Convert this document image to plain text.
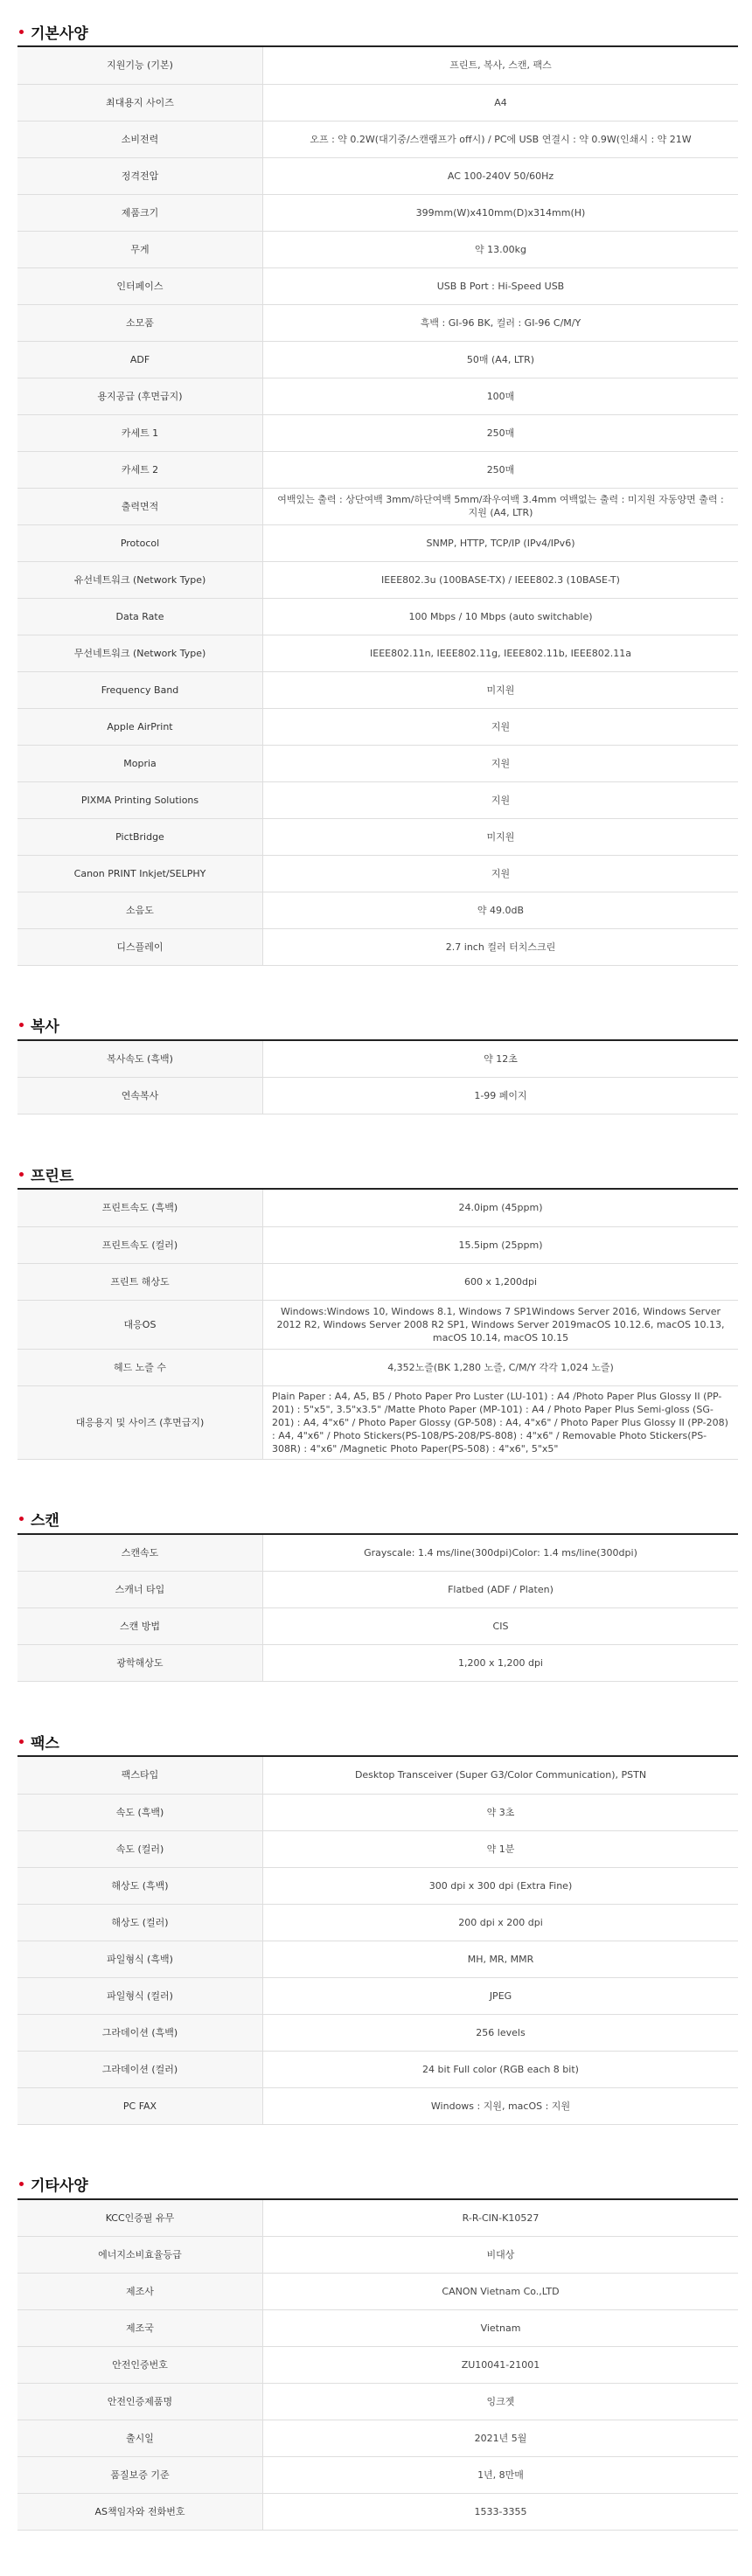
기본사양
지원기능 (기본)	프린트, 복사, 스캔, 팩스
최대용지 사이즈	A4
소비전력	오프 : 약 0.2W(대기중/스캔램프가 off시) / PC에 USB 연결시 : 약 0.9W(인쇄시 : 약 21W
정격전압	AC 100-240V 50/60Hz
제품크기	399mm(W)x410mm(D)x314mm(H)
무게	약 13.00kg
인터페이스	USB B Port : Hi-Speed USB
소모품	흑백 : GI-96 BK, 컬러 : GI-96 C/M/Y
ADF	50매 (A4, LTR)
용지공급 (후면급지)	100매
카세트 1	250매
카세트 2	250매
출력면적	여백있는 출력 : 상단여백 3mm/하단여백 5mm/좌우여백 3.4mm 여백없는 출력 : 미지원 자동양면 출력 : 지원 (A4, LTR)
Protocol	SNMP, HTTP, TCP/IP (IPv4/IPv6)
유선네트워크 (Network Type)	IEEE802.3u (100BASE-TX) / IEEE802.3 (10BASE-T)
Data Rate	100 Mbps / 10 Mbps (auto switchable)
무선네트워크 (Network Type)	IEEE802.11n, IEEE802.11g, IEEE802.11b, IEEE802.11a
Frequency Band	미지원
Apple AirPrint	지원
Mopria	지원
PIXMA Printing Solutions	지원
PictBridge	미지원
Canon PRINT Inkjet/SELPHY	지원
소음도	약 49.0dB
디스플레이	2.7 inch 컬러 터치스크린
복사
복사속도 (흑백)	약 12초
연속복사	1-99 페이지
프린트
프린트속도 (흑백)	24.0ipm (45ppm)
프린트속도 (컬러)	15.5ipm (25ppm)
프린트 해상도	600 x 1,200dpi
대응OS	Windows:Windows 10, Windows 8.1, Windows 7 SP1Windows Server 2016, Windows Server 2012 R2, Windows Server 2008 R2 SP1, Windows Server 2019macOS 10.12.6, macOS 10.13, macOS 10.14, macOS 10.15
헤드 노즐 수	4,352노즐(BK 1,280 노즐, C/M/Y 각각 1,024 노즐)
대응용지 및 사이즈 (후면급지)	Plain Paper : A4, A5, B5 / Photo Paper Pro Luster (LU-101) : A4 /Photo Paper Plus Glossy II (PP-201) : 5"x5", 3.5"x3.5" /Matte Photo Paper (MP-101) : A4 / Photo Paper Plus Semi-gloss (SG-201) : A4, 4"x6" / Photo Paper Glossy (GP-508) : A4, 4"x6" / Photo Paper Plus Glossy II (PP-208) : A4, 4"x6" / Photo Stickers(PS-108/PS-208/PS-808) : 4"x6" / Removable Photo Stickers(PS-308R) : 4"x6" /Magnetic Photo Paper(PS-508) : 4"x6", 5"x5"
스캔
스캔속도	Grayscale: 1.4 ms/line(300dpi)Color: 1.4 ms/line(300dpi)
스캐너 타입	Flatbed (ADF / Platen)
스캔 방법	CIS
광학해상도	1,200 x 1,200 dpi
팩스
팩스타입	Desktop Transceiver (Super G3/Color Communication), PSTN
속도 (흑백)	약 3초
속도 (컬러)	약 1분
해상도 (흑백)	300 dpi x 300 dpi (Extra Fine)
해상도 (컬러)	200 dpi x 200 dpi
파일형식 (흑백)	MH, MR, MMR
파일형식 (컬러)	JPEG
그라데이션 (흑백)	256 levels
그라데이션 (컬러)	24 bit Full color (RGB each 8 bit)
PC FAX	Windows : 지원, macOS : 지원
기타사양
KCC인증필 유무	R-R-CIN-K10527
에너지소비효율등급	비대상
제조사	CANON Vietnam Co.,LTD
제조국	Vietnam
안전인증번호	ZU10041-21001
안전인증제품명	잉크젯
출시일	2021년 5월
품질보증 기준	1년, 8만매
AS책임자와 전화번호	1533-3355
